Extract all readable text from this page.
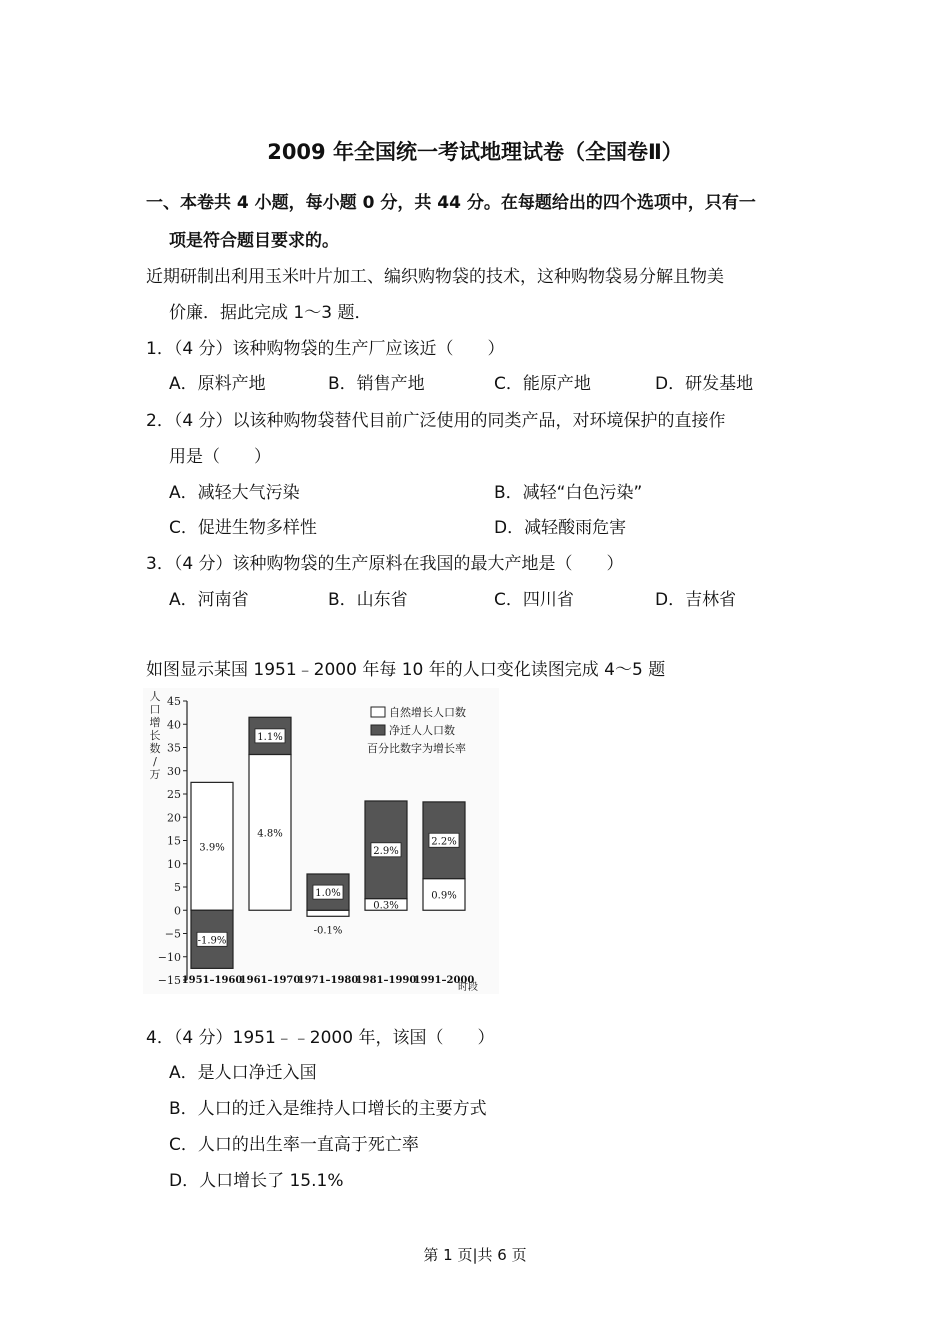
2009 年全国统一考试地理试卷（全国卷Ⅱ）
一、本卷共 4 小题，每小题 0 分，共 44 分。在每题给出的四个选项中，只有一
项是符合题目要求的。
近期研制出利用玉米叶片加工、编织购物袋的技术，这种购物袋易分解且物美
价廉．据此完成 1～3 题．
1．（4 分）该种购物袋的生产厂应该近（　　）
A．原料产地	B．销售产地	C．能原产地	D．研发基地
2．（4 分）以该种购物袋替代目前广泛使用的同类产品，对环境保护的直接作
用是（　　）
A．减轻大气污染	B．减轻“白色污染”
C．促进生物多样性	D．减轻酸雨危害
3．（4 分）该种购物袋的生产原料在我国的最大产地是（　　）
A．河南省	B．山东省	C．四川省	D．吉林省
如图显示某国 1951﹣2000 年每 10 年的人口变化读图完成 4～5 题
人
口
增
长
数
/
万
45
40
35
30
25
20
15
10
5
0
−5
−10
−15
-1.9%
3.9%
1951–1960
1.1%
4.8%
1961–1970
1.0%
-0.1%
1971–1980
2.9%
0.3%
1981–1990
2.2%
0.9%
1991–2000
时段
自然增长人口数
净迁人人口数
百分比数字为增长率
4．（4 分）1951﹣﹣2000 年，该国（　　）
A．是人口净迁入国
B．人口的迁入是维持人口增长的主要方式
C．人口的出生率一直高于死亡率
D．人口增长了 15.1%
第 1 页|共 6 页
